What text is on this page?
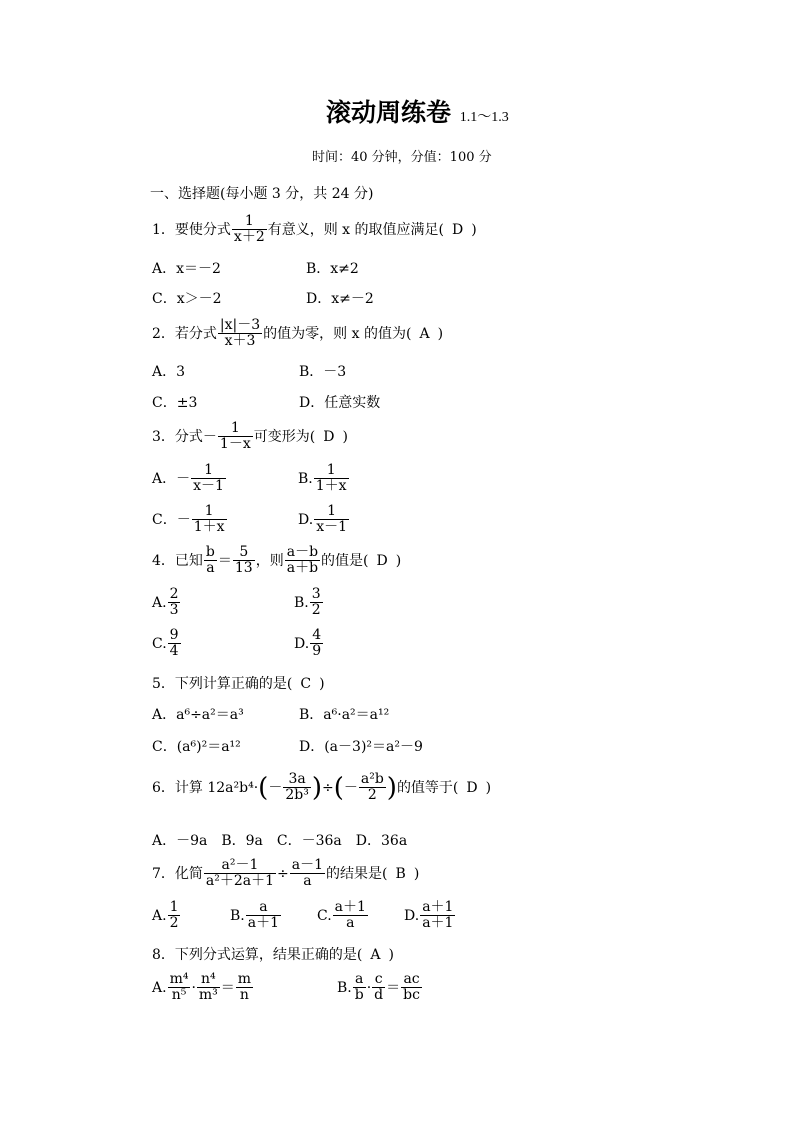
滚动周练卷 1.1～1.3
时间：40 分钟，分值：100 分
一、选择题(每小题 3 分，共 24 分)
1．要使分式 $\frac{1}{x+2}$ 有意义，则 x 的取值应满足( D )
A．x＝－2	B．x≠2
C．x＞－2	D．x≠－2
2．若分式 $\frac{|x|-3}{x+3}$ 的值为零，则 x 的值为( A )
A．3	B．－3
C．±3	D．任意实数
3．分式－ $\frac{1}{1-x}$ 可变形为( D )
A．－ $\frac{1}{x-1}$	B. $\frac{1}{1+x}$
C．－ $\frac{1}{1+x}$	D. $\frac{1}{x-1}$
4．已知 $\frac{b}{a} = \frac{5}{13}$ ，则 $\frac{a-b}{a+b}$ 的值是( D )
A. $\frac{2}{3}$	B. $\frac{3}{2}$
C. $\frac{9}{4}$	D. $\frac{4}{9}$
5．下列计算正确的是( C )
A．a⁶÷a²＝a³	B．a⁶·a²＝a¹²
C．(a⁶)²＝a¹²	D．(a－3)²＝a²－9
6．计算 $12a^2b^4\cdot(- \frac{3a}{\text{2b³}}$ )÷(－ $\frac{\text{a²b}}{2}$ )的值等于( D )
A．－9a　B．9a　C．－36a　D．36a
7．化简 $\frac{\text{a²－1}}{\text{a²＋2a＋1}} \div \frac{a-1}{a}$ 的结果是( B )
A. $\frac{1}{2}$	B. $\frac{a}{a+1}$	C. $\frac{a+1}{a}$	D. $\frac{a+1}{a+1}$
8．下列分式运算，结果正确的是( A )
A. $\frac{\text{m⁴}}{\text{n⁵}} \cdot \frac{\text{n⁴}}{\text{m³}} = \frac{m}{n}$	B. $\frac{a}{b} \cdot \frac{c}{d} = \frac{ac}{bc}$
